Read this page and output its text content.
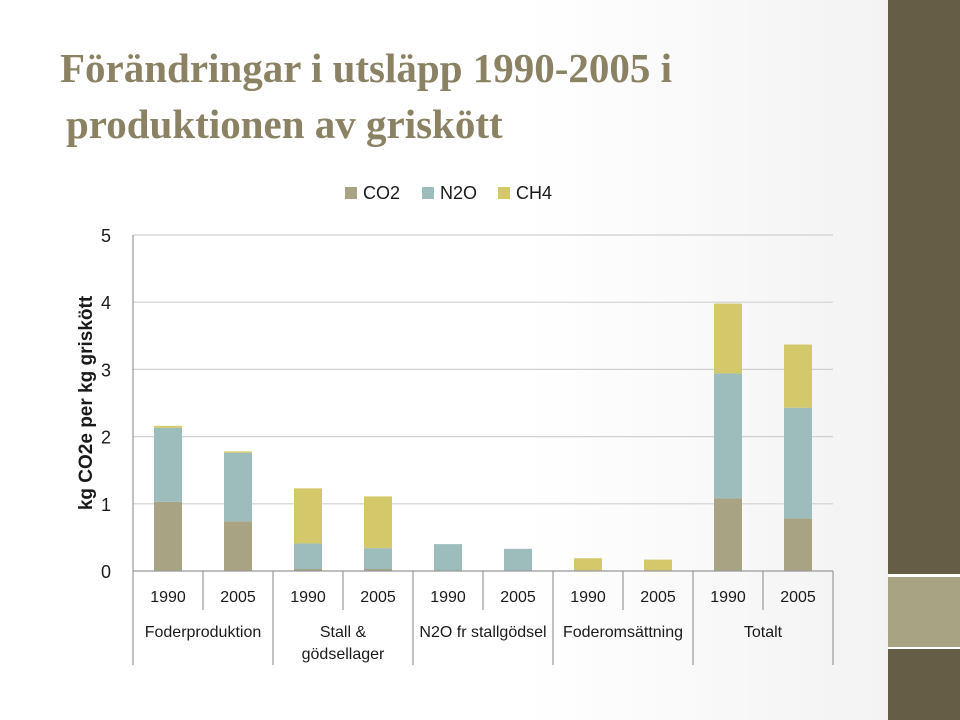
Förändringar i utsläpp 1990-2005 i
produktionen av griskött
0
1
2
3
4
5
1990 2005
Foderproduktion
1990 2005
Stall & gödsellager
1990 2005
N2O fr stallgödsel
1990 2005
Foderomsättning
1990 2005
Totalt
CO2 N2O CH4
kg CO2e per kg griskött
